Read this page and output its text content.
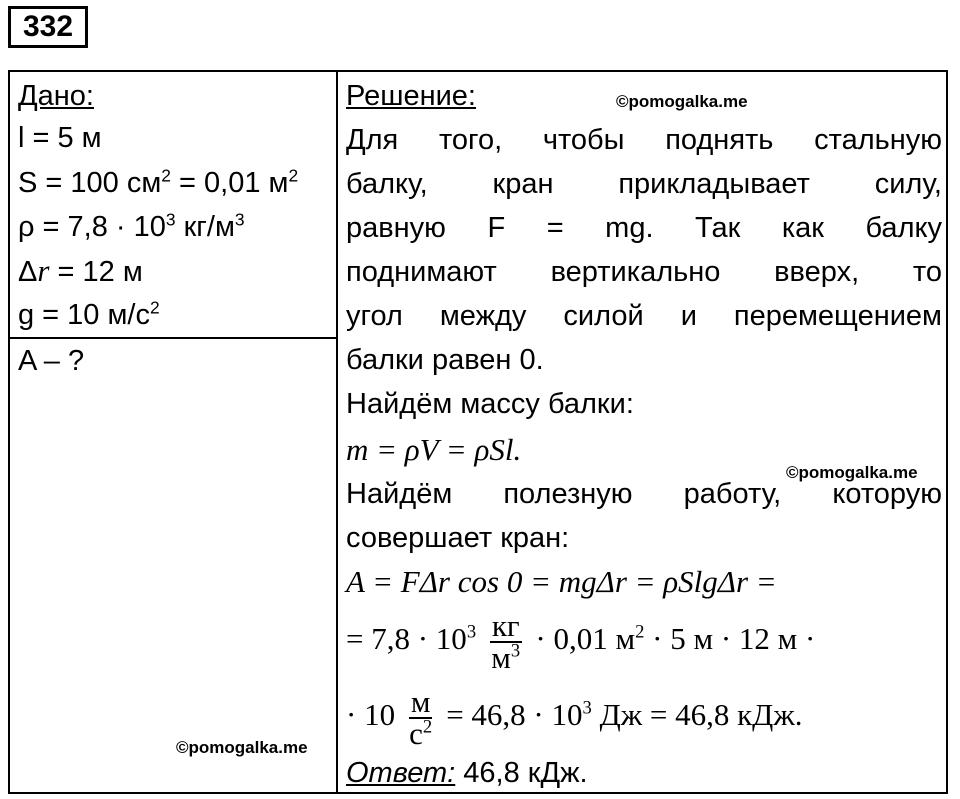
332
Дано:
l = 5 м
S = 100 $см^2 = 0,01$ $м^2$
$\rho = 7,8 \cdot 10^3$ $кг/м^3$
Δr = 12 м
g = 10 $м/с^2$
A – ?
Решение:
Для того, чтобы поднять стальную
балку, кран прикладывает силу,
равную F = mg. Так как балку
поднимают вертикально вверх, то
угол между силой и перемещением
балки равен 0.
Найдём массу балки:
m = ρV = ρSl.
Найдём полезную работу, которую
совершает кран:
A = FΔr cos 0 = mgΔr = ρSlgΔr =
= $7,8 \cdot 10^3 \frac{кг}{м^3} \cdot 0,01$ $м^2 \cdot 5$ м · 12 м ·
· $10 \frac{м}{с^2} = 46,8 \cdot 10^3$ Дж = 46,8 кДж.
Ответ: 46,8 кДж.
©pomogalka.me
©pomogalka.me
©pomogalka.me
